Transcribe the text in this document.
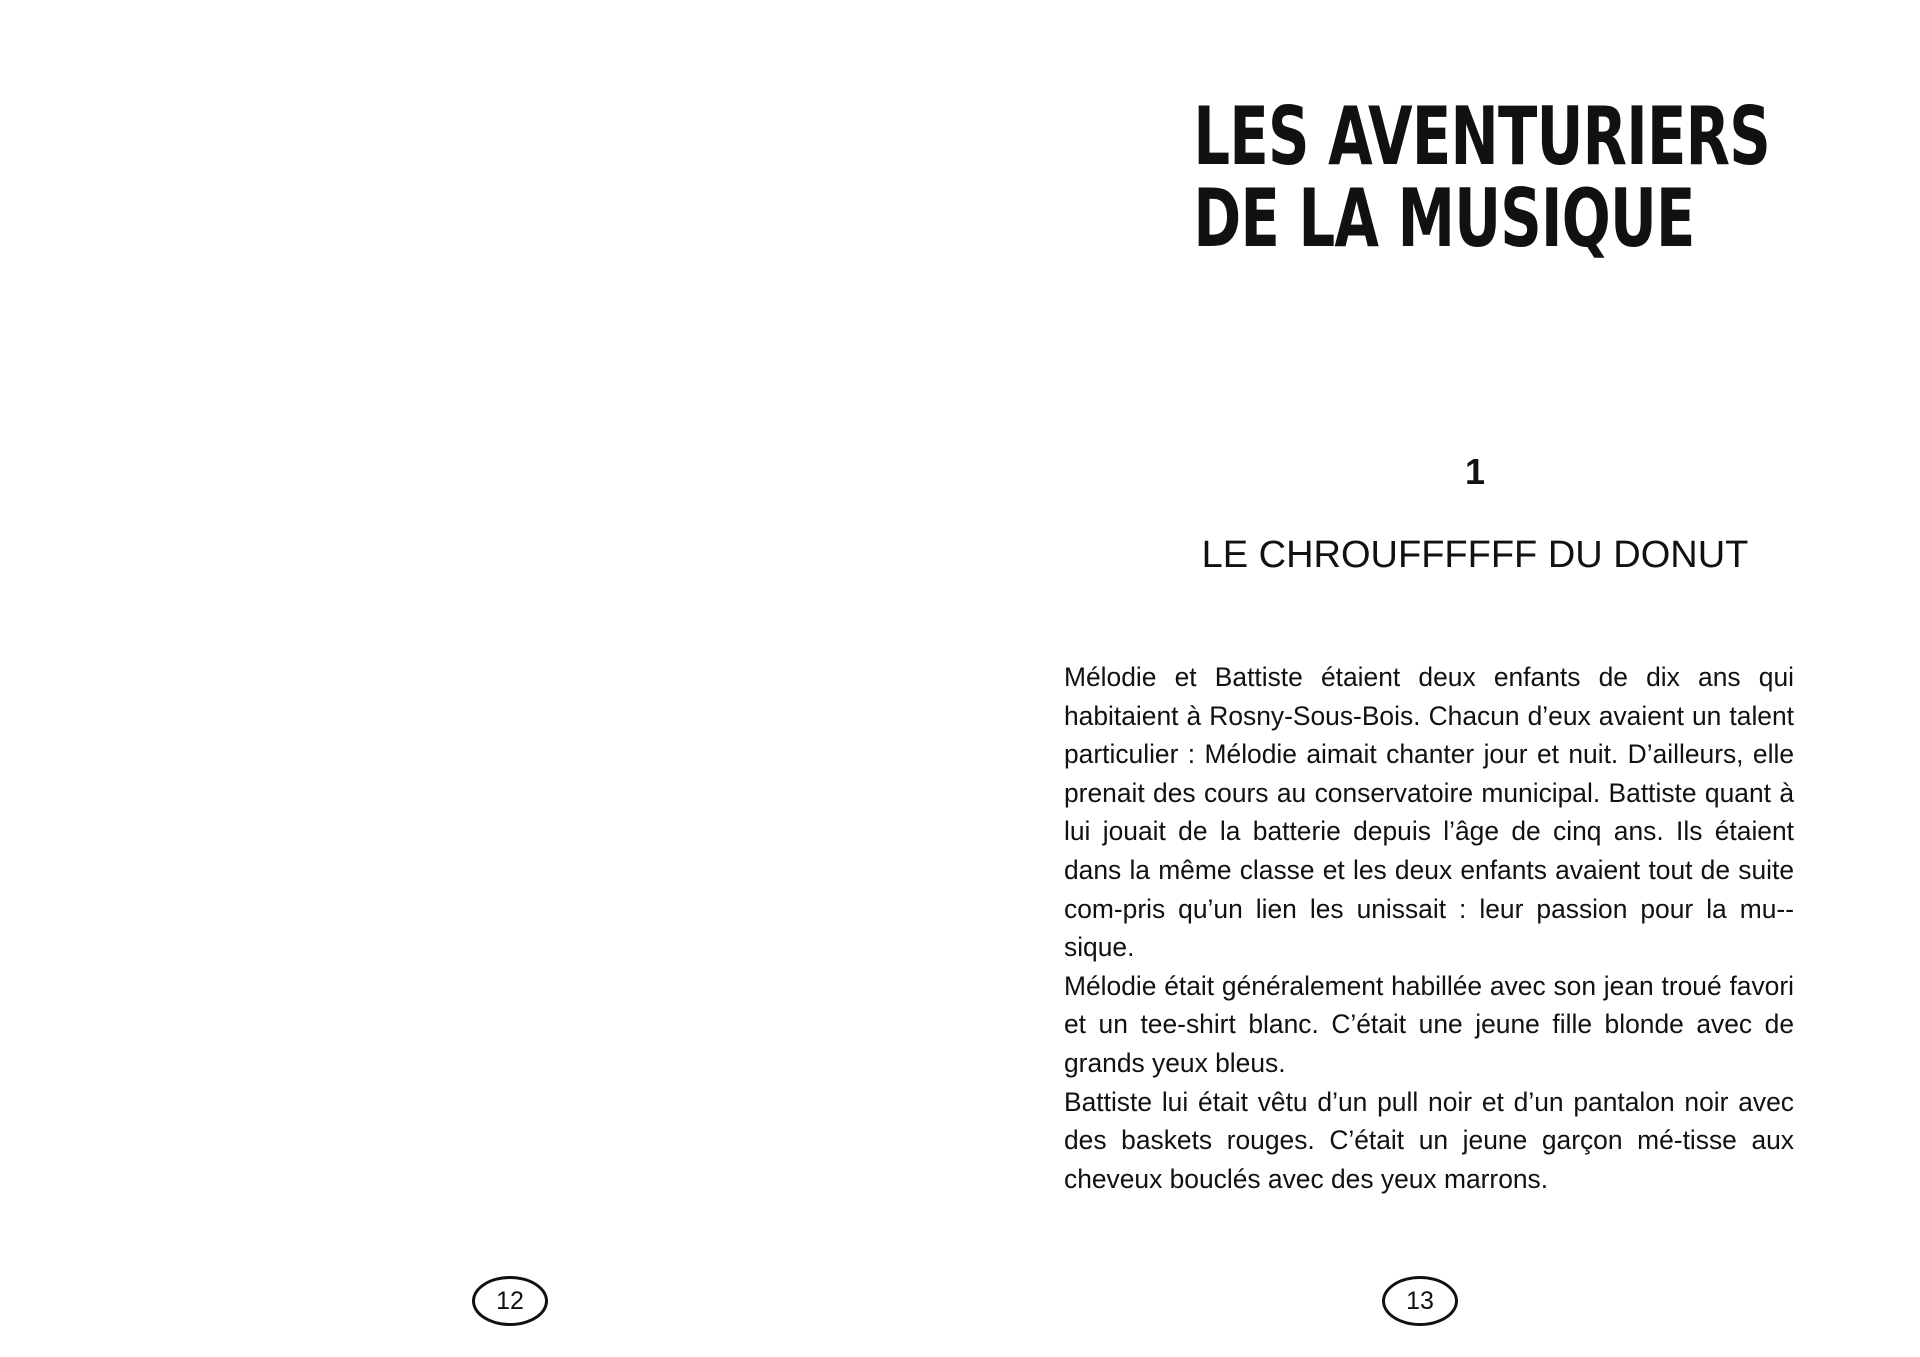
12
LES AVENTURIERS
DE LA MUSIQUE
1
LE CHROUFFFFFF DU DONUT

Mélodie et Battiste étaient deux enfants de dix ans qui habitaient à Rosny-Sous-Bois. Chacun d’eux avaient un talent particulier : Mélodie aimait chanter jour et nuit. D’ailleurs, elle prenait des cours au conservatoire municipal. Battiste quant à lui jouait de la batterie depuis l’âge de cinq ans. Ils étaient dans la même classe et les deux enfants avaient tout de suite com-pris qu’un lien les unissait : leur passion pour la mu-sique.

Mélodie était généralement habillée avec son jean troué favori et un tee-shirt blanc. C’était une jeune fille blonde avec de grands yeux bleus.

Battiste lui était vêtu d’un pull noir et d’un pantalon noir avec des baskets rouges. C’était un jeune garçon mé-tisse aux cheveux bouclés avec des yeux marrons.

13
